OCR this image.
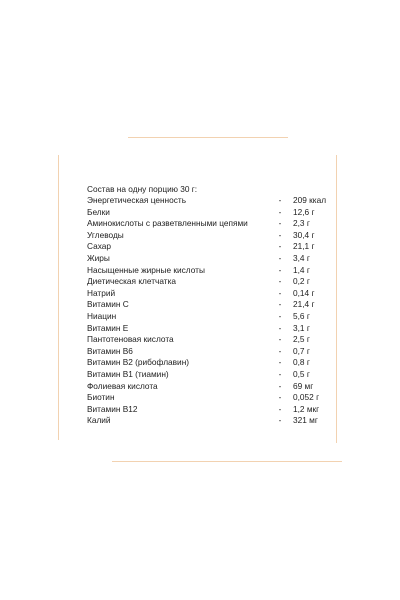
Состав на одну порцию 30 г:
Энергетическая ценность	-	209 ккал
Белки	-	12,6 г
Аминокислоты с разветвленными цепями	-	2,3 г
Углеводы	-	30,4 г
Сахар	-	21,1 г
Жиры	-	3,4 г
Насыщенные жирные кислоты	-	1,4 г
Диетическая клетчатка	-	0,2 г
Натрий	-	0,14 г
Витамин С	-	21,4 г
Ниацин	-	5,6 г
Витамин Е	-	3,1 г
Пантотеновая кислота	-	2,5 г
Витамин В6	-	0,7 г
Витамин В2 (рибофлавин)	-	0,8 г
Витамин В1 (тиамин)	-	0,5 г
Фолиевая кислота	-	69 мг
Биотин	-	0,052 г
Витамин В12	-	1,2 мкг
Калий	-	321 мг
